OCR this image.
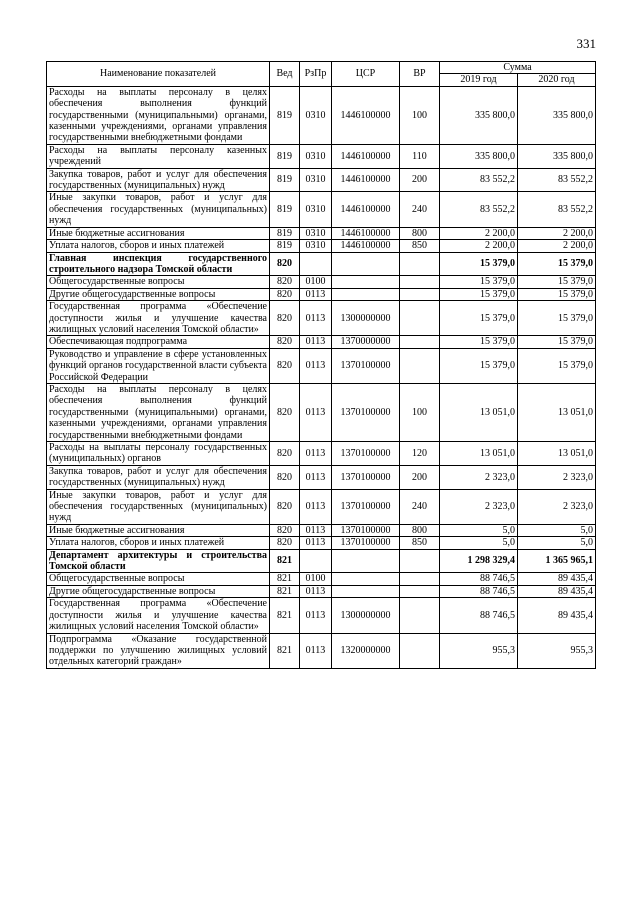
331
Наименование показателей	Вед	РзПр	ЦСР	ВР	Сумма	
					2019 год	2020 год
Расходы на выплаты персоналу в целях обеспечения выполнения функций государственными (муниципальными) органами, казенными учреждениями, органами управления государственными внебюджетными фондами	819	0310	1446100000	100	335 800,0	335 800,0
Расходы на выплаты персоналу казенных учреждений	819	0310	1446100000	110	335 800,0	335 800,0
Закупка товаров, работ и услуг для обеспечения государственных (муниципальных) нужд	819	0310	1446100000	200	83 552,2	83 552,2
Иные закупки товаров, работ и услуг для обеспечения государственных (муниципальных) нужд	819	0310	1446100000	240	83 552,2	83 552,2
Иные бюджетные ассигнования	819	0310	1446100000	800	2 200,0	2 200,0
Уплата налогов, сборов и иных платежей	819	0310	1446100000	850	2 200,0	2 200,0
Главная инспекция государственного строительного надзора Томской области	820				15 379,0	15 379,0
Общегосударственные вопросы	820	0100			15 379,0	15 379,0
Другие общегосударственные вопросы	820	0113			15 379,0	15 379,0
Государственная программа «Обеспечение доступности жилья и улучшение качества жилищных условий населения Томской области»	820	0113	1300000000		15 379,0	15 379,0
Обеспечивающая подпрограмма	820	0113	1370000000		15 379,0	15 379,0
Руководство и управление в сфере установленных функций органов государственной власти субъекта Российской Федерации	820	0113	1370100000		15 379,0	15 379,0
Расходы на выплаты персоналу в целях обеспечения выполнения функций государственными (муниципальными) органами, казенными учреждениями, органами управления государственными внебюджетными фондами	820	0113	1370100000	100	13 051,0	13 051,0
Расходы на выплаты персоналу государственных (муниципальных) органов	820	0113	1370100000	120	13 051,0	13 051,0
Закупка товаров, работ и услуг для обеспечения государственных (муниципальных) нужд	820	0113	1370100000	200	2 323,0	2 323,0
Иные закупки товаров, работ и услуг для обеспечения государственных (муниципальных) нужд	820	0113	1370100000	240	2 323,0	2 323,0
Иные бюджетные ассигнования	820	0113	1370100000	800	5,0	5,0
Уплата налогов, сборов и иных платежей	820	0113	1370100000	850	5,0	5,0
Департамент архитектуры и строительства Томской области	821				1 298 329,4	1 365 965,1
Общегосударственные вопросы	821	0100			88 746,5	89 435,4
Другие общегосударственные вопросы	821	0113			88 746,5	89 435,4
Государственная программа «Обеспечение доступности жилья и улучшение качества жилищных условий населения Томской области»	821	0113	1300000000		88 746,5	89 435,4
Подпрограмма «Оказание государственной поддержки по улучшению жилищных условий отдельных категорий граждан»	821	0113	1320000000		955,3	955,3
